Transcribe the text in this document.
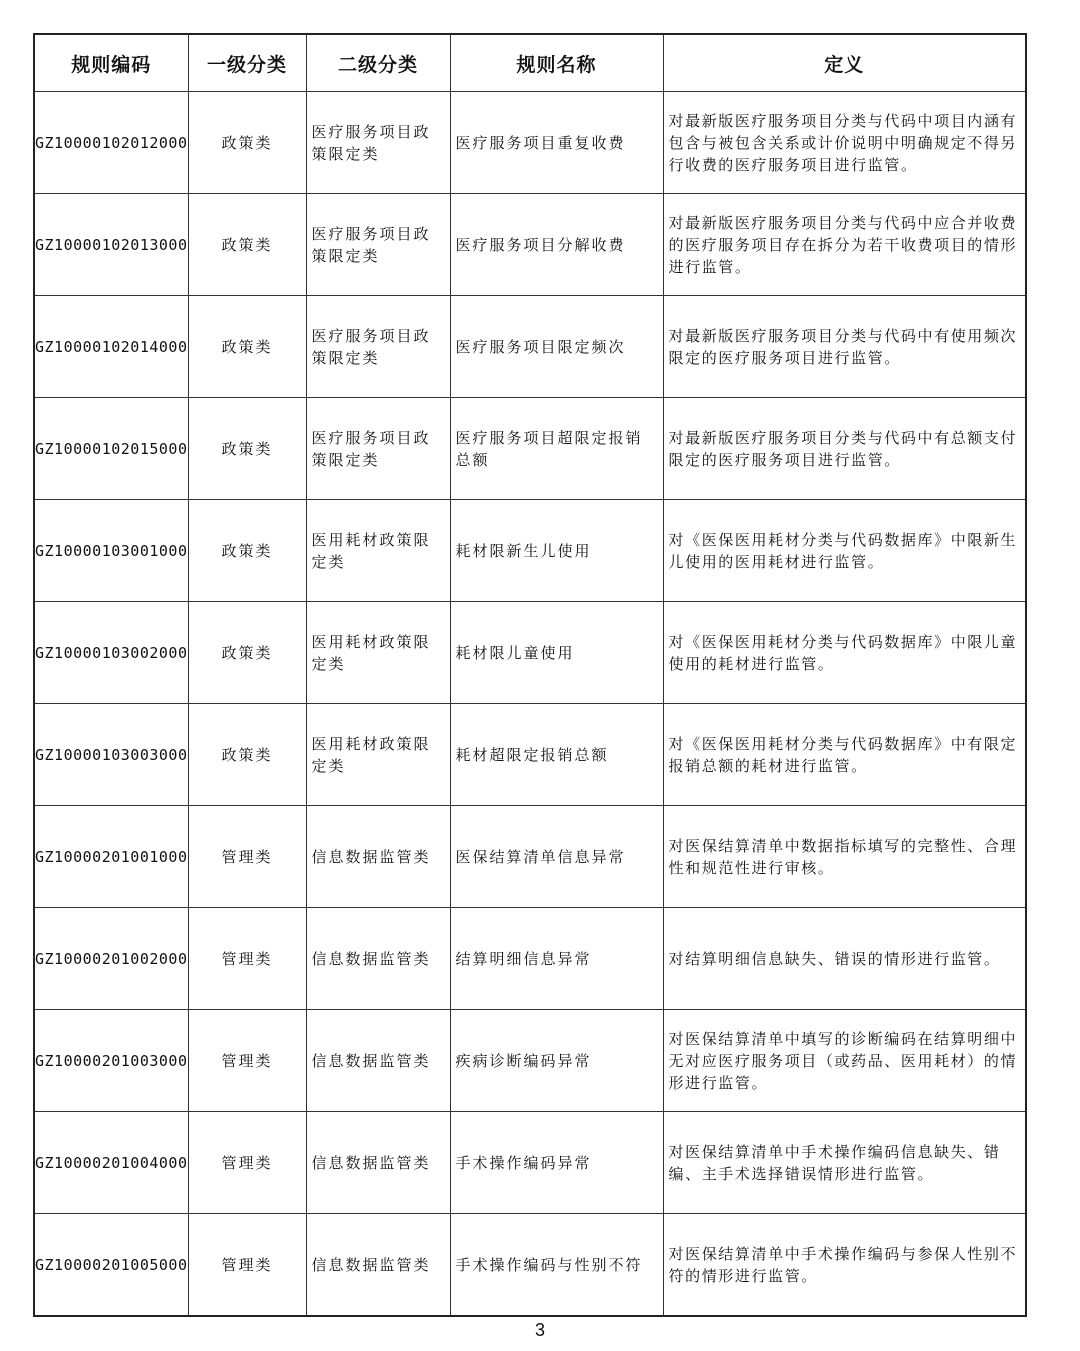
规则编码	一级分类	二级分类	规则名称	定义
GZ10000102012000	政策类	医疗服务项目政策限定类	医疗服务项目重复收费	对最新版医疗服务项目分类与代码中项目内涵有包含与被包含关系或计价说明中明确规定不得另行收费的医疗服务项目进行监管。
GZ10000102013000	政策类	医疗服务项目政策限定类	医疗服务项目分解收费	对最新版医疗服务项目分类与代码中应合并收费的医疗服务项目存在拆分为若干收费项目的情形进行监管。
GZ10000102014000	政策类	医疗服务项目政策限定类	医疗服务项目限定频次	对最新版医疗服务项目分类与代码中有使用频次限定的医疗服务项目进行监管。
GZ10000102015000	政策类	医疗服务项目政策限定类	医疗服务项目超限定报销总额	对最新版医疗服务项目分类与代码中有总额支付限定的医疗服务项目进行监管。
GZ10000103001000	政策类	医用耗材政策限定类	耗材限新生儿使用	对《医保医用耗材分类与代码数据库》中限新生儿使用的医用耗材进行监管。
GZ10000103002000	政策类	医用耗材政策限定类	耗材限儿童使用	对《医保医用耗材分类与代码数据库》中限儿童使用的耗材进行监管。
GZ10000103003000	政策类	医用耗材政策限定类	耗材超限定报销总额	对《医保医用耗材分类与代码数据库》中有限定报销总额的耗材进行监管。
GZ10000201001000	管理类	信息数据监管类	医保结算清单信息异常	对医保结算清单中数据指标填写的完整性、合理性和规范性进行审核。
GZ10000201002000	管理类	信息数据监管类	结算明细信息异常	对结算明细信息缺失、错误的情形进行监管。
GZ10000201003000	管理类	信息数据监管类	疾病诊断编码异常	对医保结算清单中填写的诊断编码在结算明细中无对应医疗服务项目（或药品、医用耗材）的情形进行监管。
GZ10000201004000	管理类	信息数据监管类	手术操作编码异常	对医保结算清单中手术操作编码信息缺失、错编、主手术选择错误情形进行监管。
GZ10000201005000	管理类	信息数据监管类	手术操作编码与性别不符	对医保结算清单中手术操作编码与参保人性别不符的情形进行监管。
3
